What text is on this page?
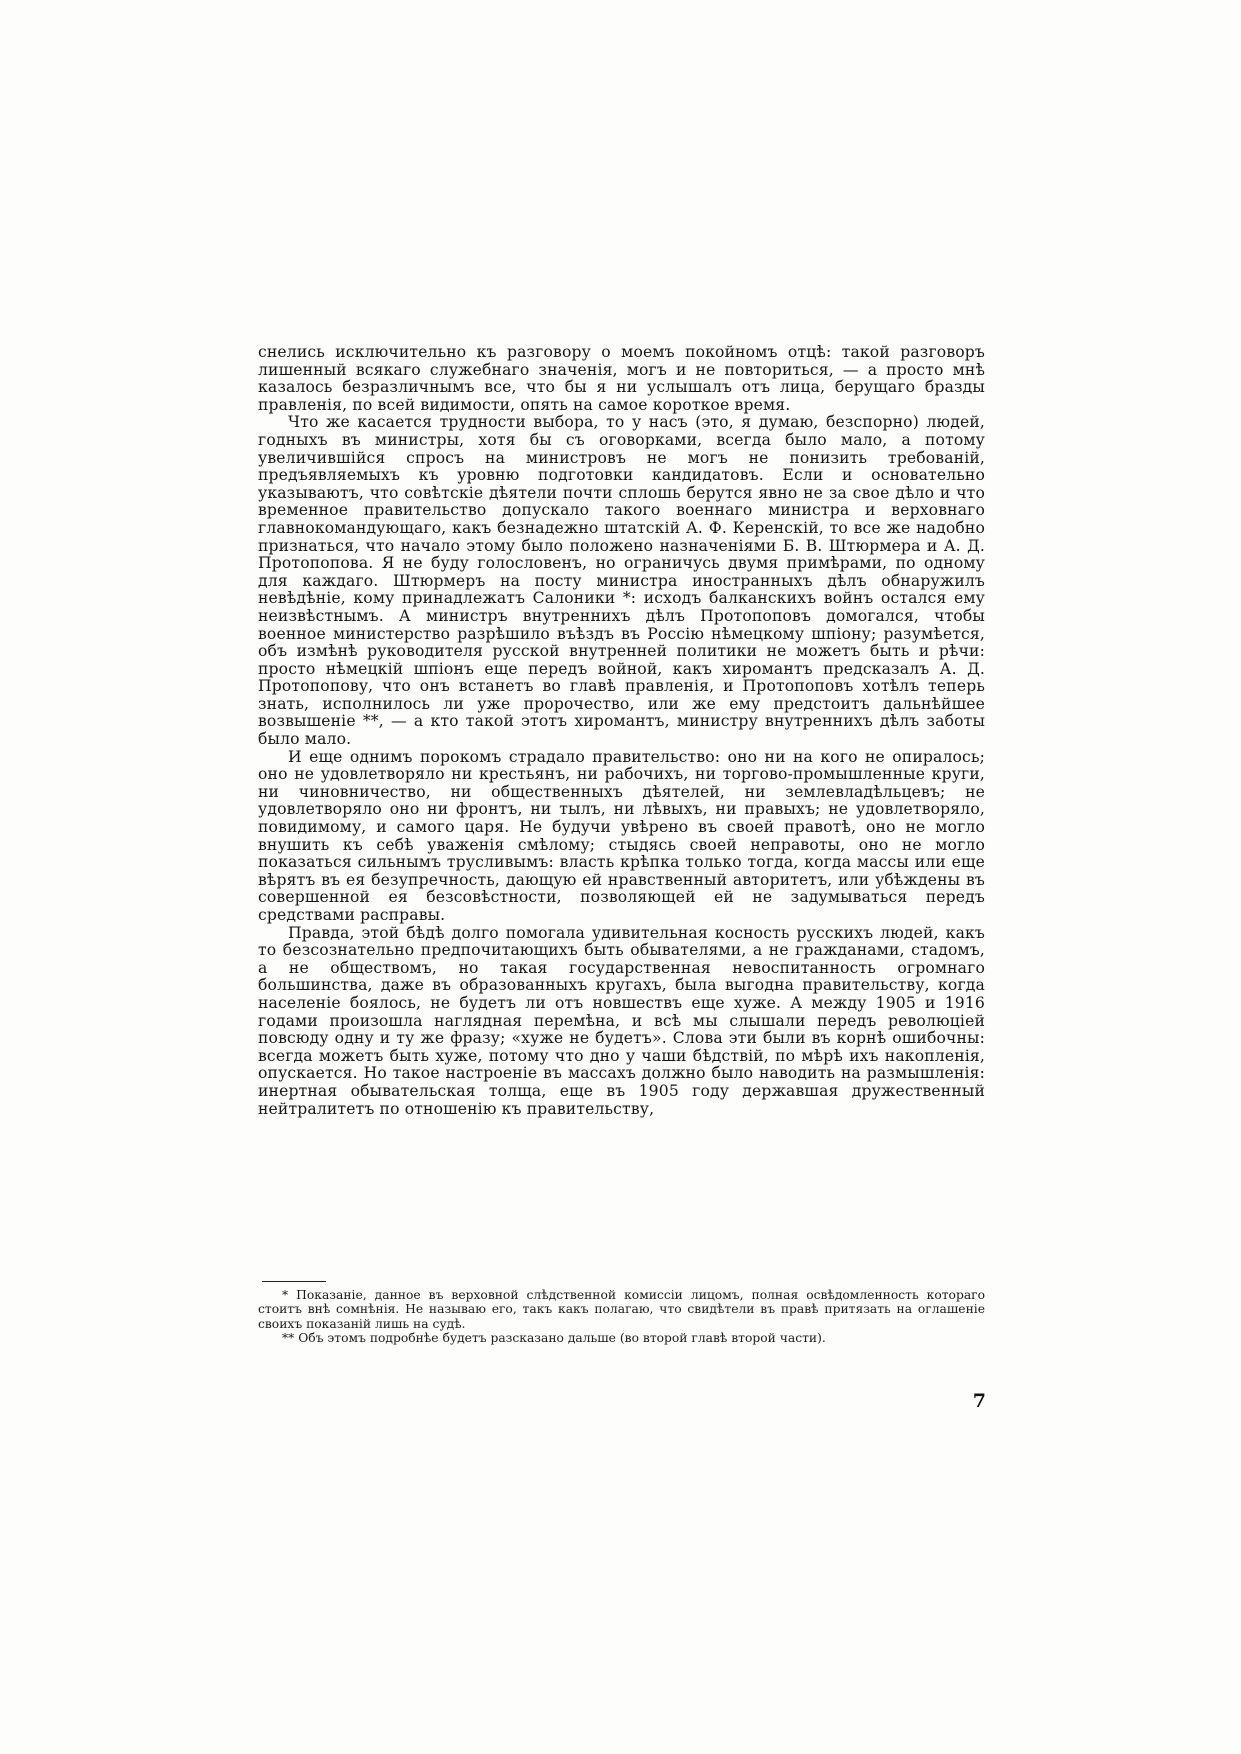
снелись исключительно къ разговору о моемъ покойномъ отцѣ: такой разговоръ лишенный всякаго служебнаго значенія, могъ и не повториться, — а просто мнѣ казалось безразличнымъ все, что бы я ни услышалъ отъ лица, берущаго бразды правленія, по всей видимости, опять на самое короткое время.

Что же касается трудности выбора, то у насъ (это, я думаю, безспорно) людей, годныхъ въ министры, хотя бы съ оговорками, всегда было мало, а потому увеличившійся спросъ на министровъ не могъ не понизить требованій, предъявляемыхъ къ уровню подготовки кандидатовъ. Если и основательно указываютъ, что совѣтскіе дѣятели почти сплошь берутся явно не за свое дѣло и что временное правительство допускало такого военнаго министра и верховнаго главнокомандующаго, какъ безнадежно штатскій А. Ф. Керенскій, то все же надобно признаться, что начало этому было положено назначеніями Б. В. Штюрмера и А. Д. Протопопова. Я не буду голословенъ, но ограничусь двумя примѣрами, по одному для каждаго. Штюрмеръ на посту министра иностранныхъ дѣлъ обнаружилъ невѣдѣніе, кому принадлежатъ Салоники *: исходъ балканскихъ войнъ остался ему неизвѣстнымъ. А министръ внутреннихъ дѣлъ Протопоповъ домогался, чтобы военное министерство разрѣшило въѣздъ въ Россію нѣмецкому шпіону; разумѣется, объ измѣнѣ руководителя русской внутренней политики не можетъ быть и рѣчи: просто нѣмецкій шпіонъ еще передъ войной, какъ хиромантъ предсказалъ А. Д. Протопопову, что онъ встанетъ во главѣ правленія, и Протопоповъ хотѣлъ теперь знать, исполнилось ли уже пророчество, или же ему предстоитъ дальнѣйшее возвышеніе **, — а кто такой этотъ хиромантъ, министру внутреннихъ дѣлъ заботы было мало.

И еще однимъ порокомъ страдало правительство: оно ни на кого не опиралось; оно не удовлетворяло ни крестьянъ, ни рабочихъ, ни торгово-промышленные круги, ни чиновничество, ни общественныхъ дѣятелей, ни землевладѣльцевъ; не удовлетворяло оно ни фронтъ, ни тылъ, ни лѣвыхъ, ни правыхъ; не удовлетворяло, повидимому, и самого царя. Не будучи увѣрено въ своей правотѣ, оно не могло внушить къ себѣ уваженія смѣлому; стыдясь своей неправоты, оно не могло показаться сильнымъ трусливымъ: власть крѣпка только тогда, когда массы или еще вѣрятъ въ ея безупречность, дающую ей нравственный авторитетъ, или убѣждены въ совершенной ея безсовѣстности, позволяющей ей не задумываться передъ средствами расправы.

Правда, этой бѣдѣ долго помогала удивительная косность русскихъ людей, какъ то безсознательно предпочитающихъ быть обывателями, а не гражданами, стадомъ, а не обществомъ, но такая государственная невоспитанность огромнаго большинства, даже въ образованныхъ кругахъ, была выгодна правительству, когда населеніе боялось, не будетъ ли отъ новшествъ еще хуже. А между 1905 и 1916 годами произошла наглядная перемѣна, и всѣ мы слышали передъ революціей повсюду одну и ту же фразу; «хуже не будетъ». Слова эти были въ корнѣ ошибочны: всегда можетъ быть хуже, потому что дно у чаши бѣдствій, по мѣрѣ ихъ накопленія, опускается. Но такое настроеніе въ массахъ должно было наводить на размышленія: инертная обывательская толща, еще въ 1905 году державшая дружественный нейтралитетъ по отношенію къ правительству,

* Показаніе, данное въ верховной слѣдственной комиссіи лицомъ, полная освѣдомленность котораго стоитъ внѣ сомнѣнія. Не называю его, такъ какъ полагаю, что свидѣтели въ правѣ притязать на оглашеніе своихъ показаній лишь на судѣ.

** Объ этомъ подробнѣе будетъ разсказано дальше (во второй главѣ второй части).

7
